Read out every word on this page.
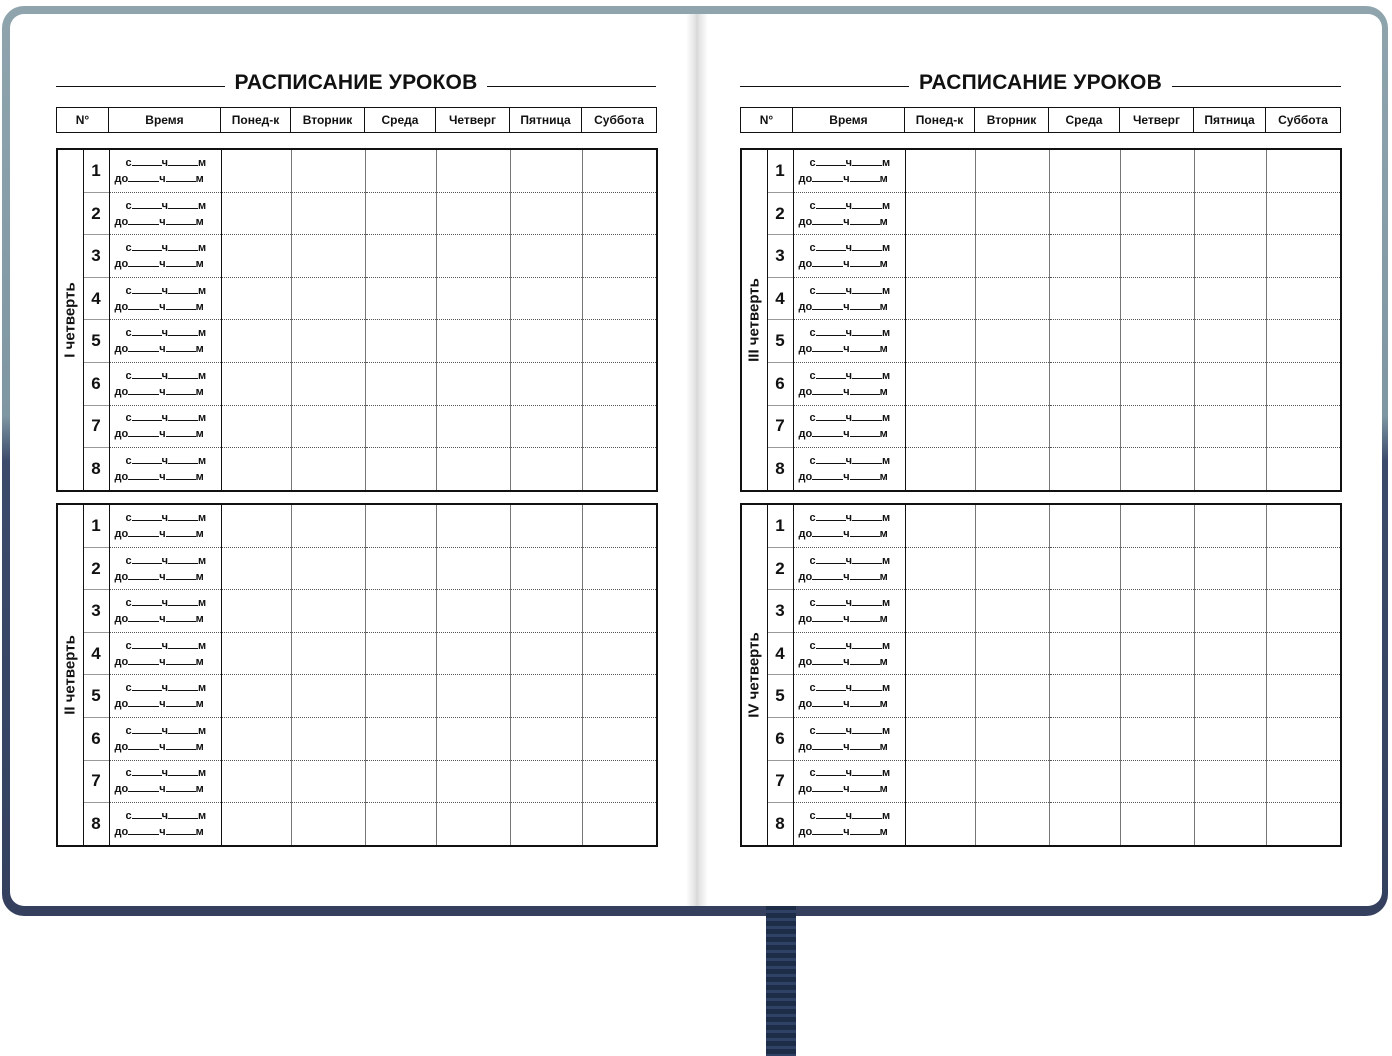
РАСПИСАНИЕ УРОКОВ
N°	Время	Понед-к	Вторник	Среда	Четверг	Пятница	Суббота
I четверть	1	с ч м
до ч м						

	2	с ч м
до ч м						

	3	с ч м
до ч м						

	4	с ч м
до ч м						

	5	с ч м
до ч м						

	6	с ч м
до ч м						

	7	с ч м
до ч м						

	8	с ч м
до ч м						

II четверть	1	с ч м
до ч м						

	2	с ч м
до ч м						

	3	с ч м
до ч м						

	4	с ч м
до ч м						

	5	с ч м
до ч м						

	6	с ч м
до ч м						

	7	с ч м
до ч м						

	8	с ч м
до ч м						

РАСПИСАНИЕ УРОКОВ
N°	Время	Понед-к	Вторник	Среда	Четверг	Пятница	Суббота
III четверть	1	с ч м
до ч м						

	2	с ч м
до ч м						

	3	с ч м
до ч м						

	4	с ч м
до ч м						

	5	с ч м
до ч м						

	6	с ч м
до ч м						

	7	с ч м
до ч м						

	8	с ч м
до ч м						

IV четверть	1	с ч м
до ч м						

	2	с ч м
до ч м						

	3	с ч м
до ч м						

	4	с ч м
до ч м						

	5	с ч м
до ч м						

	6	с ч м
до ч м						

	7	с ч м
до ч м						

	8	с ч м
до ч м						
